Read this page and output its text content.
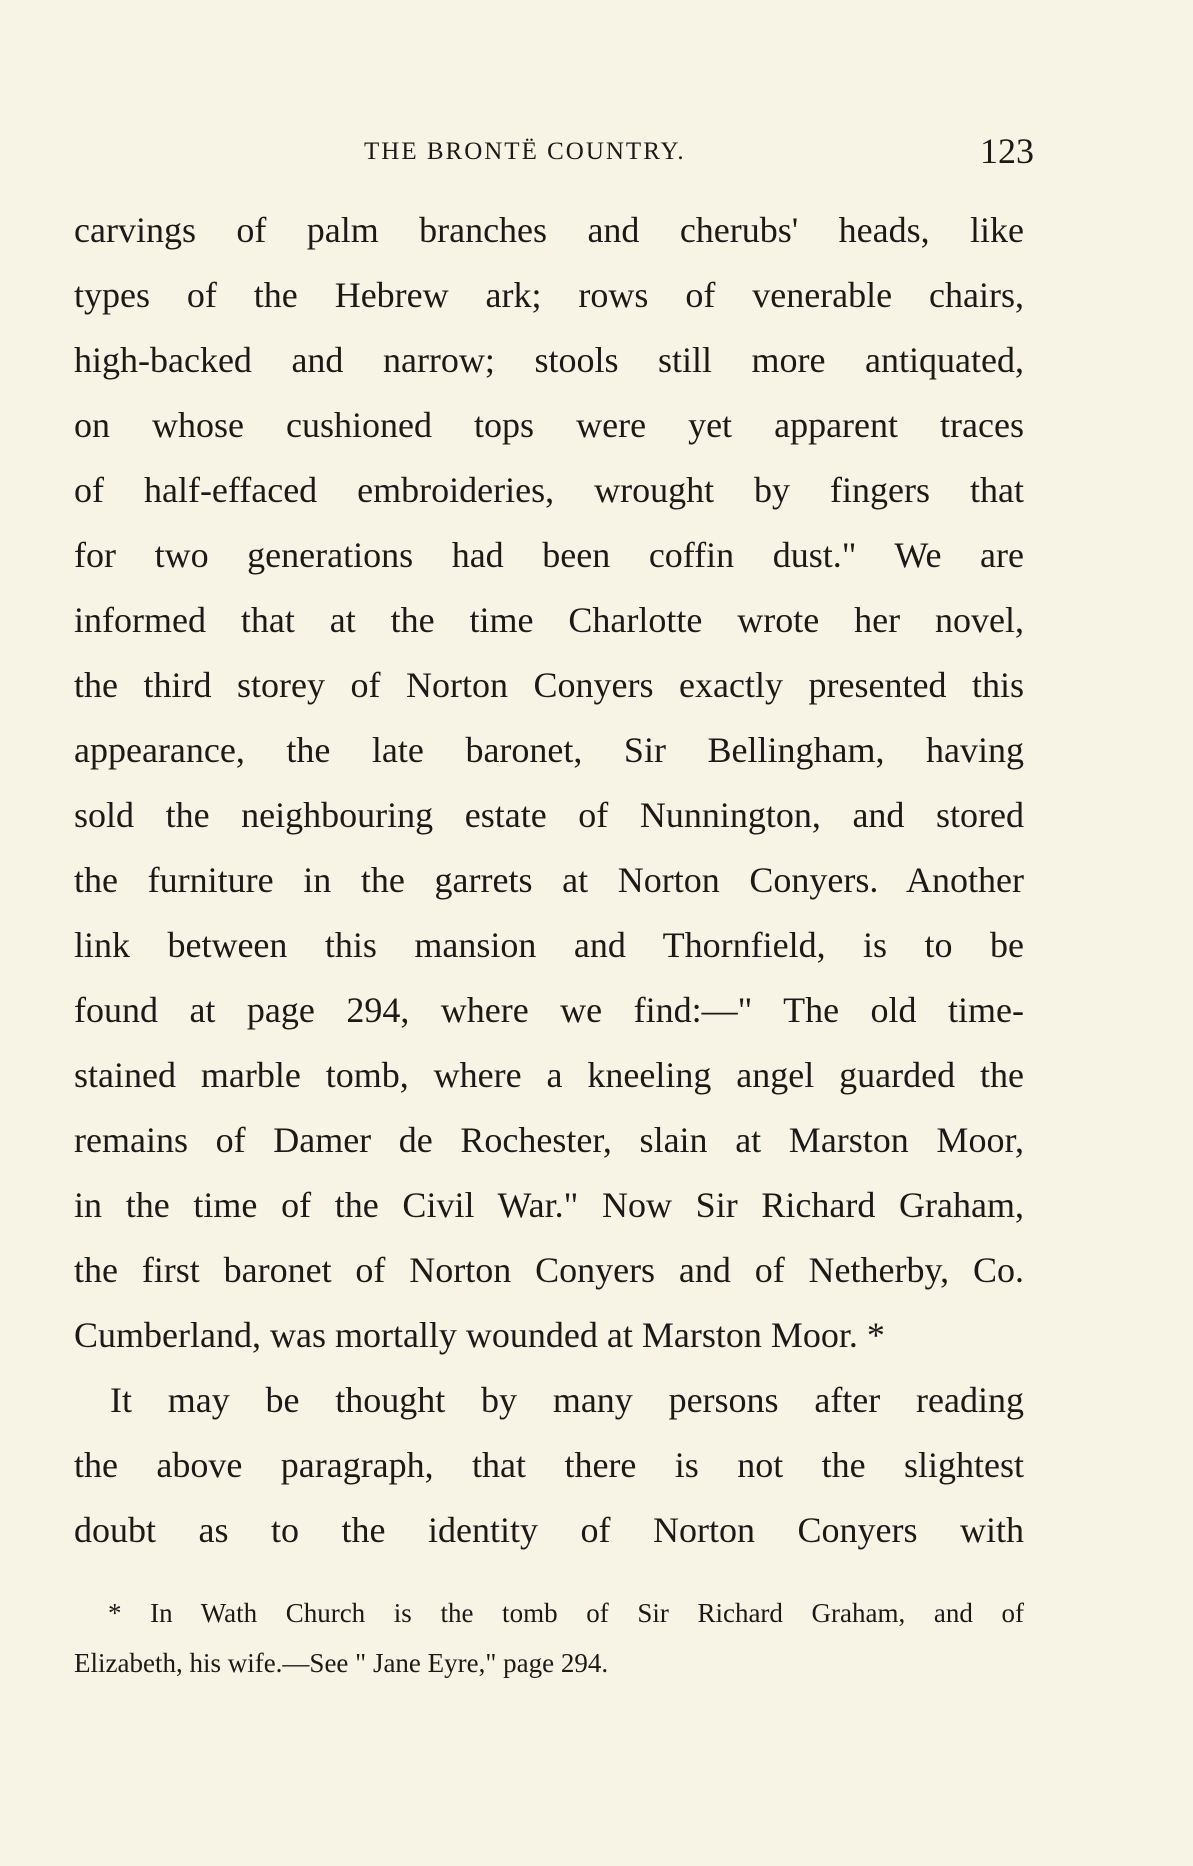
THE BRONTË COUNTRY.	123
carvings of palm branches and cherubs' heads, like
types of the Hebrew ark; rows of venerable chairs,
high-backed and narrow; stools still more antiquated,
on whose cushioned tops were yet apparent traces
of half-effaced embroideries, wrought by fingers that
for two generations had been coffin dust." We are
informed that at the time Charlotte wrote her novel,
the third storey of Norton Conyers exactly presented this
appearance, the late baronet, Sir Bellingham, having
sold the neighbouring estate of Nunnington, and stored
the furniture in the garrets at Norton Conyers. Another
link between this mansion and Thornfield, is to be
found at page 294, where we find:—" The old time-
stained marble tomb, where a kneeling angel guarded the
remains of Damer de Rochester, slain at Marston Moor,
in the time of the Civil War." Now Sir Richard Graham,
the first baronet of Norton Conyers and of Netherby, Co.
Cumberland, was mortally wounded at Marston Moor. *
It may be thought by many persons after reading
the above paragraph, that there is not the slightest
doubt as to the identity of Norton Conyers with
* In Wath Church is the tomb of Sir Richard Graham, and of
Elizabeth, his wife.—See " Jane Eyre," page 294.
